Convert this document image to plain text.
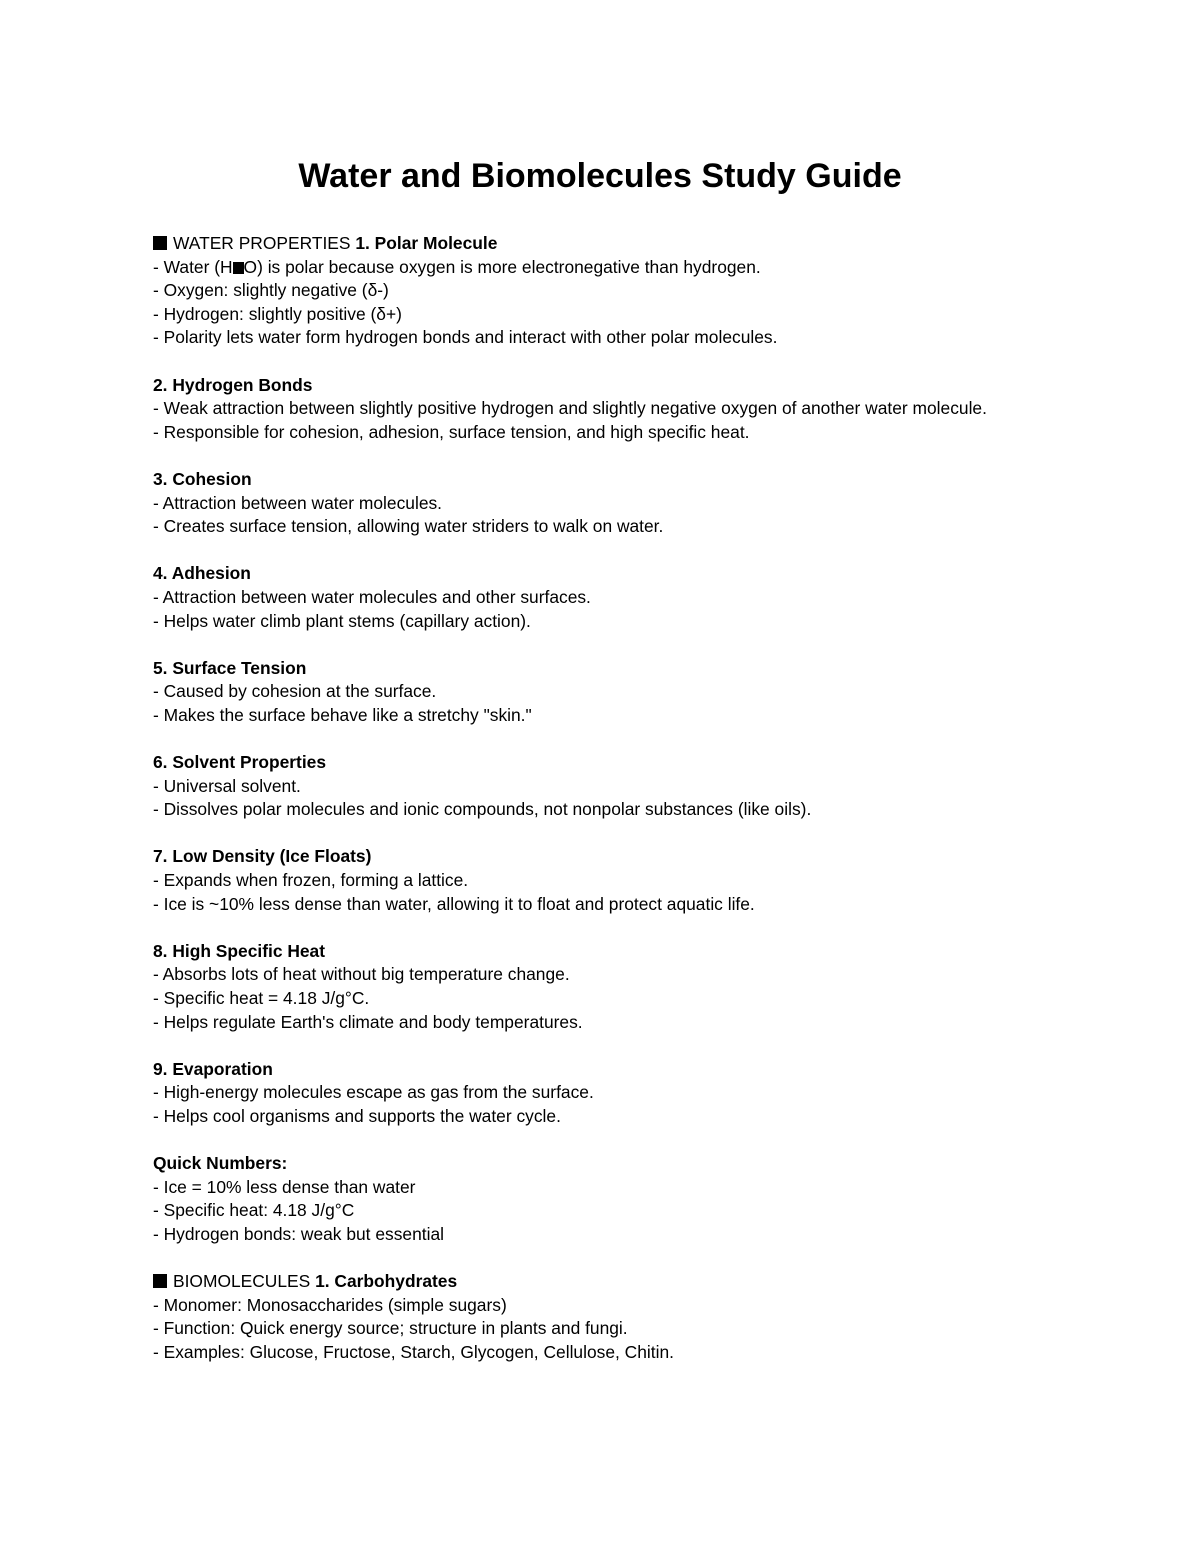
Water and Biomolecules Study Guide

WATER PROPERTIES 1. Polar Molecule

- Water (H O) is polar because oxygen is more electronegative than hydrogen.

- Oxygen: slightly negative (δ-)

- Hydrogen: slightly positive (δ+)

- Polarity lets water form hydrogen bonds and interact with other polar molecules.

2. Hydrogen Bonds

- Weak attraction between slightly positive hydrogen and slightly negative oxygen of another water molecule.

- Responsible for cohesion, adhesion, surface tension, and high specific heat.

3. Cohesion

- Attraction between water molecules.

- Creates surface tension, allowing water striders to walk on water.

4. Adhesion

- Attraction between water molecules and other surfaces.

- Helps water climb plant stems (capillary action).

5. Surface Tension

- Caused by cohesion at the surface.

- Makes the surface behave like a stretchy "skin."

6. Solvent Properties

- Universal solvent.

- Dissolves polar molecules and ionic compounds, not nonpolar substances (like oils).

7. Low Density (Ice Floats)

- Expands when frozen, forming a lattice.

- Ice is ~10% less dense than water, allowing it to float and protect aquatic life.

8. High Specific Heat

- Absorbs lots of heat without big temperature change.

- Specific heat = 4.18 J/g°C.

- Helps regulate Earth's climate and body temperatures.

9. Evaporation

- High-energy molecules escape as gas from the surface.

- Helps cool organisms and supports the water cycle.

Quick Numbers:

- Ice = 10% less dense than water

- Specific heat: 4.18 J/g°C

- Hydrogen bonds: weak but essential

BIOMOLECULES 1. Carbohydrates

- Monomer: Monosaccharides (simple sugars)

- Function: Quick energy source; structure in plants and fungi.

- Examples: Glucose, Fructose, Starch, Glycogen, Cellulose, Chitin.
